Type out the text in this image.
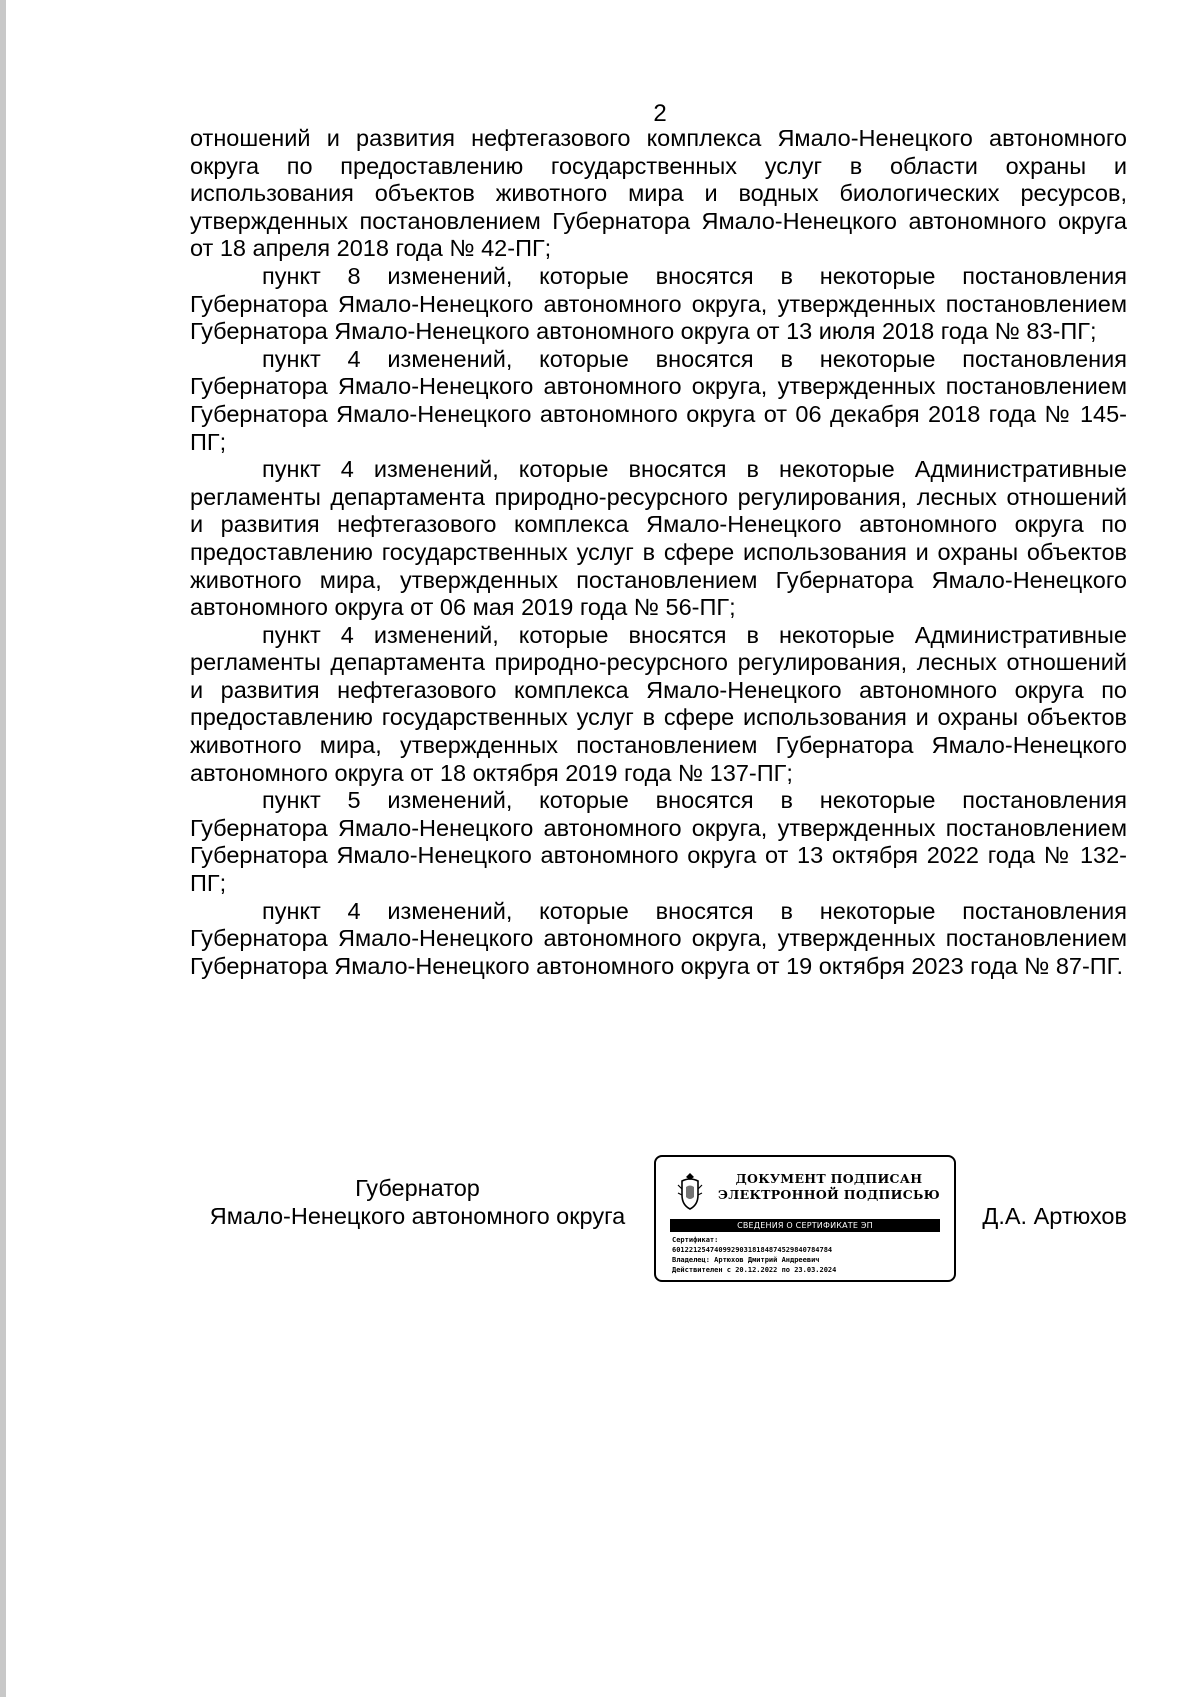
2

отношений и развития нефтегазового комплекса Ямало-Ненецкого автономного округа по предоставлению государственных услуг в области охраны и использования объектов животного мира и водных биологических ресурсов, утвержденных постановлением Губернатора Ямало-Ненецкого автономного округа от 18 апреля 2018 года № 42-ПГ;

пункт 8 изменений, которые вносятся в некоторые постановления Губернатора Ямало-Ненецкого автономного округа, утвержденных постановлением Губернатора Ямало-Ненецкого автономного округа от 13 июля 2018 года № 83-ПГ;

пункт 4 изменений, которые вносятся в некоторые постановления Губернатора Ямало-Ненецкого автономного округа, утвержденных постановлением Губернатора Ямало-Ненецкого автономного округа от 06 декабря 2018 года № 145-ПГ;

пункт 4 изменений, которые вносятся в некоторые Административные регламенты департамента природно-ресурсного регулирования, лесных отношений и развития нефтегазового комплекса Ямало-Ненецкого автономного округа по предоставлению государственных услуг в сфере использования и охраны объектов животного мира, утвержденных постановлением Губернатора Ямало-Ненецкого автономного округа от 06 мая 2019 года № 56-ПГ;

пункт 4 изменений, которые вносятся в некоторые Административные регламенты департамента природно-ресурсного регулирования, лесных отношений и развития нефтегазового комплекса Ямало-Ненецкого автономного округа по предоставлению государственных услуг в сфере использования и охраны объектов животного мира, утвержденных постановлением Губернатора Ямало-Ненецкого автономного округа от 18 октября 2019 года № 137-ПГ;

пункт 5 изменений, которые вносятся в некоторые постановления Губернатора Ямало-Ненецкого автономного округа, утвержденных постановлением Губернатора Ямало-Ненецкого автономного округа от 13 октября 2022 года № 132-ПГ;

пункт 4 изменений, которые вносятся в некоторые постановления Губернатора Ямало-Ненецкого автономного округа, утвержденных постановлением Губернатора Ямало-Ненецкого автономного округа от 19 октября 2023 года № 87-ПГ.

Губернатор
Ямало-Ненецкого автономного округа
ДОКУМЕНТ ПОДПИСАН
ЭЛЕКТРОННОЙ ПОДПИСЬЮ
СВЕДЕНИЯ О СЕРТИФИКАТЕ ЭП
Сертификат:
60122125474099290318184874529840784784
Владелец: Артюхов Дмитрий Андреевич
Действителен с 20.12.2022 по 23.03.2024
Д.А. Артюхов
